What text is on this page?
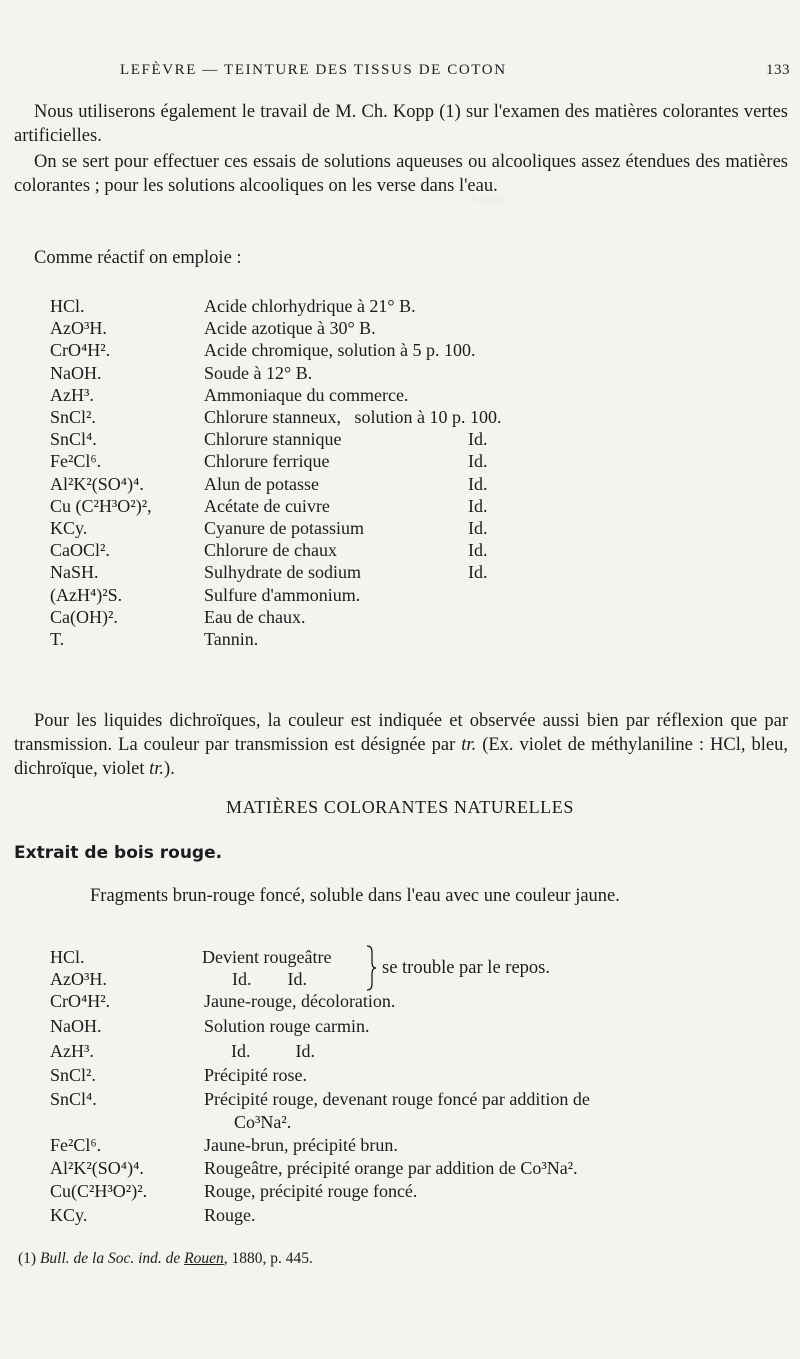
Rouge.
LEFÈVRE — TEINTURE DES TISSUS DE COTON	133
Nous utiliserons également le travail de M. Ch. Kopp (1) sur l'examen des matières colorantes vertes artificielles.
On se sert pour effectuer ces essais de solutions aqueuses ou alcooliques assez étendues des matières colorantes ; pour les solutions alcooliques on les verse dans l'eau.
Comme réactif on emploie :
HCl.	Acide chlorhydrique à 21° B.
AzO³H.	Acide azotique à 30° B.
CrO⁴H².	Acide chromique, solution à 5 p. 100.
NaOH.	Soude à 12° B.
AzH³.	Ammoniaque du commerce.
SnCl².	Chlorure stanneux,   solution à 10 p. 100.
SnCl⁴.	Chlorure stannique	Id.
Fe²Cl⁶.	Chlorure ferrique	Id.
Al²K²(SO⁴)⁴.	Alun de potasse	Id.
Cu (C²H³O²)²,	Acétate de cuivre	Id.
KCy.	Cyanure de potassium	Id.
CaOCl².	Chlorure de chaux	Id.
NaSH.	Sulhydrate de sodium	Id.
(AzH⁴)²S.	Sulfure d'ammonium.
Ca(OH)².	Eau de chaux.
T.	Tannin.
Pour les liquides dichroïques, la couleur est indiquée et observée aussi bien par réflexion que par transmission. La couleur par transmission est désignée par tr. (Ex. violet de méthylaniline : HCl, bleu, dichroïque, violet tr.).
MATIÈRES COLORANTES NATURELLES
Extrait de bois rouge.
Fragments brun-rouge foncé, soluble dans l'eau avec une couleur jaune.
HCl.	Devient rougeâtre
AzO³H.	Id.        Id.
se trouble par le repos.
CrO⁴H².	Jaune-rouge, décoloration.
NaOH.	Solution rouge carmin.
AzH³.	Id.          Id.
SnCl².	Précipité rose.
SnCl⁴.	Précipité rouge, devenant rouge foncé par addition de
Co³Na².
Fe²Cl⁶.	Jaune-brun, précipité brun.
Al²K²(SO⁴)⁴.	Rougeâtre, précipité orange par addition de Co³Na².
Cu(C²H³O²)².	Rouge, précipité rouge foncé.
KCy.	Rouge.
(1) Bull. de la Soc. ind. de Rouen, 1880, p. 445.
